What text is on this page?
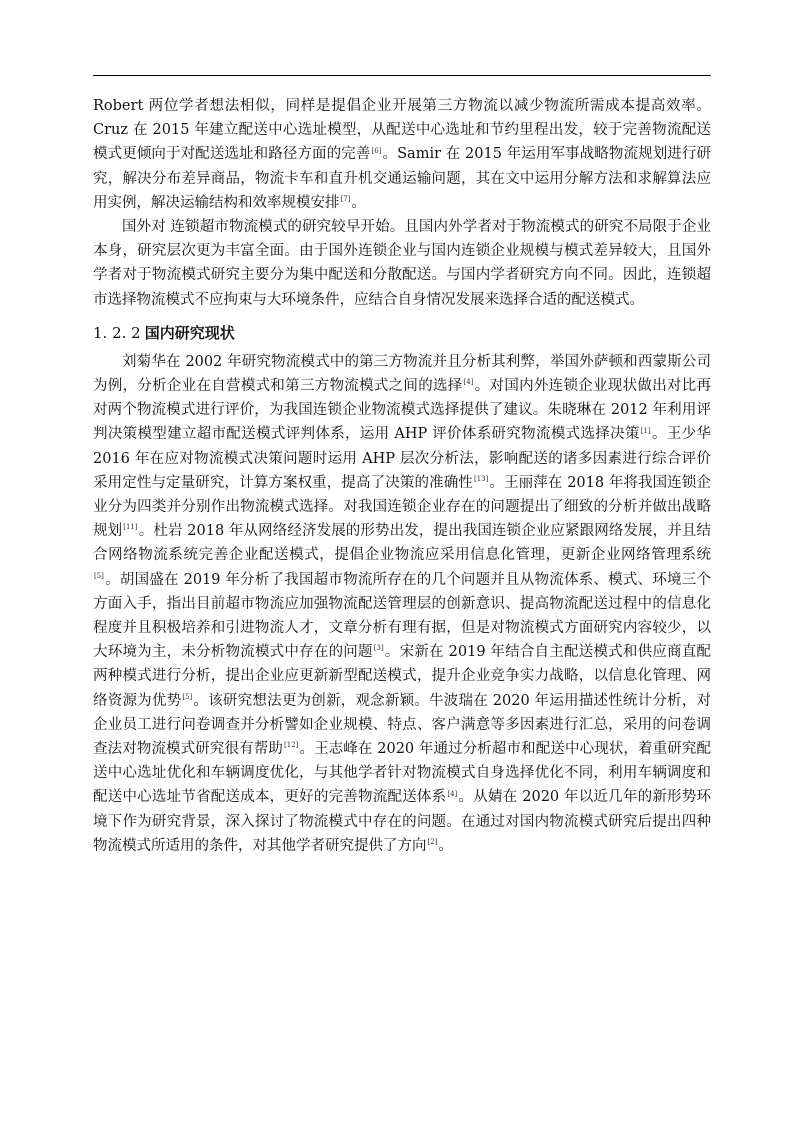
Robert 两位学者想法相似，同样是提倡企业开展第三方物流以减少物流所需成本提高效率。Cruz 在 2015 年建立配送中心选址模型，从配送中心选址和节约里程出发，较于完善物流配送模式更倾向于对配送选址和路径方面的完善[6]。Samir 在 2015 年运用军事战略物流规划进行研究，解决分布差异商品，物流卡车和直升机交通运输问题，其在文中运用分解方法和求解算法应用实例，解决运输结构和效率规模安排[7]。

国外对 连锁超市物流模式的研究较早开始。且国内外学者对于物流模式的研究不局限于企业本身，研究层次更为丰富全面。由于国外连锁企业与国内连锁企业规模与模式差异较大，且国外学者对于物流模式研究主要分为集中配送和分散配送。与国内学者研究方向不同。因此，连锁超市选择物流模式不应拘束与大环境条件，应结合自身情况发展来选择合适的配送模式。

1. 2. 2 国内研究现状

刘菊华在 2002 年研究物流模式中的第三方物流并且分析其利弊，举国外萨顿和西蒙斯公司为例，分析企业在自营模式和第三方物流模式之间的选择[4]。对国内外连锁企业现状做出对比再对两个物流模式进行评价，为我国连锁企业物流模式选择提供了建议。朱晓琳在 2012 年利用评判决策模型建立超市配送模式评判体系，运用 AHP 评价体系研究物流模式选择决策[1]。王少华 2016 年在应对物流模式决策问题时运用 AHP 层次分析法，影响配送的诸多因素进行综合评价采用定性与定量研究，计算方案权重，提高了决策的准确性[13]。王丽萍在 2018 年将我国连锁企业分为四类并分别作出物流模式选择。对我国连锁企业存在的问题提出了细致的分析并做出战略规划[11]。杜岩 2018 年从网络经济发展的形势出发，提出我国连锁企业应紧跟网络发展，并且结合网络物流系统完善企业配送模式，提倡企业物流应采用信息化管理，更新企业网络管理系统[5]。胡国盛在 2019 年分析了我国超市物流所存在的几个问题并且从物流体系、模式、环境三个方面入手，指出目前超市物流应加强物流配送管理层的创新意识、提高物流配送过程中的信息化程度并且积极培养和引进物流人才，文章分析有理有据，但是对物流模式方面研究内容较少，以大环境为主，未分析物流模式中存在的问题[3]。宋新在 2019 年结合自主配送模式和供应商直配两种模式进行分析，提出企业应更新新型配送模式，提升企业竞争实力战略，以信息化管理、网络资源为优势[5]。该研究想法更为创新，观念新颖。牛波瑞在 2020 年运用描述性统计分析，对企业员工进行问卷调查并分析譬如企业规模、特点、客户满意等多因素进行汇总，采用的问卷调查法对物流模式研究很有帮助[12]。王志峰在 2020 年通过分析超市和配送中心现状，着重研究配送中心选址优化和车辆调度优化，与其他学者针对物流模式自身选择优化不同，利用车辆调度和配送中心选址节省配送成本，更好的完善物流配送体系[4]。从婧在 2020 年以近几年的新形势环境下作为研究背景，深入探讨了物流模式中存在的问题。在通过对国内物流模式研究后提出四种物流模式所适用的条件，对其他学者研究提供了方向[2]。
